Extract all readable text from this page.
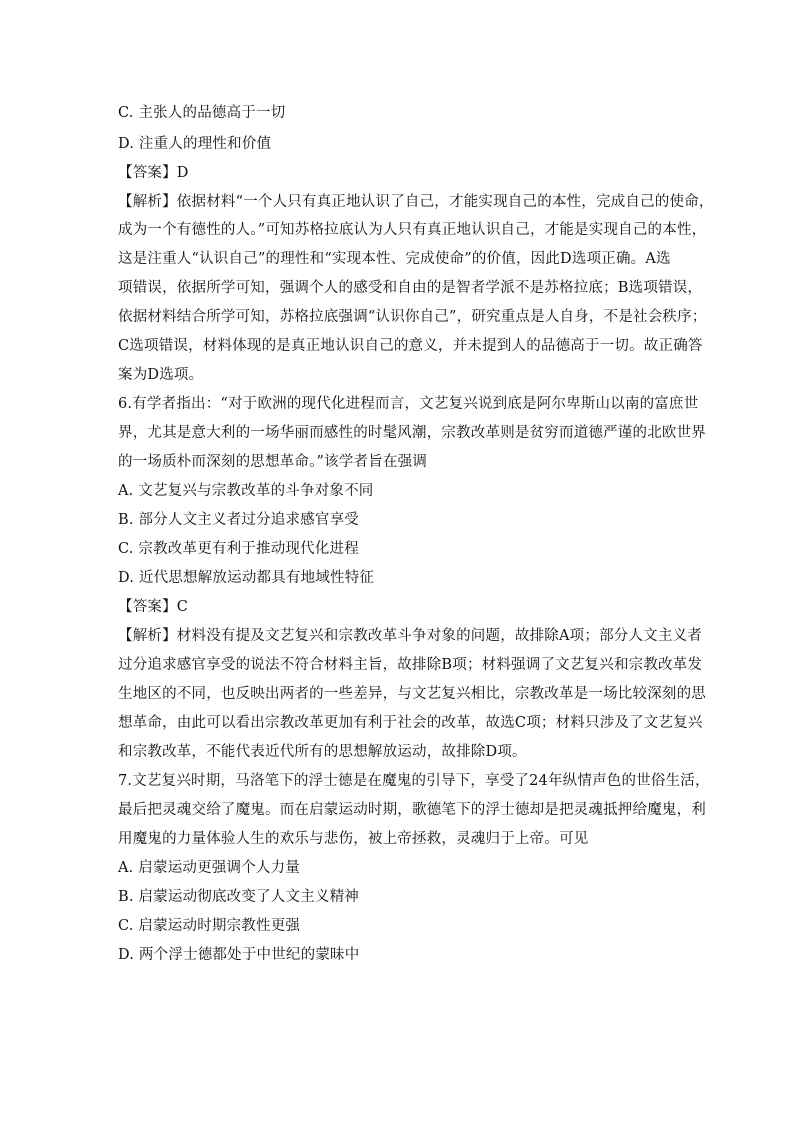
C. 主张人的品德高于一切
D. 注重人的理性和价值
【答案】D
【解析】依据材料“一个人只有真正地认识了自己，才能实现自己的本性，完成自己的使命，
成为一个有德性的人。”可知苏格拉底认为人只有真正地认识自己，才能是实现自己的本性，
这是注重人“认识自己”的理性和“实现本性、完成使命”的价值，因此D选项正确。A选
项错误，依据所学可知，强调个人的感受和自由的是智者学派不是苏格拉底；B选项错误，
依据材料结合所学可知，苏格拉底强调“认识你自己”，研究重点是人自身，不是社会秩序；
C选项错误，材料体现的是真正地认识自己的意义，并未提到人的品德高于一切。故正确答
案为D选项。
6.有学者指出：“对于欧洲的现代化进程而言，文艺复兴说到底是阿尔卑斯山以南的富庶世
界，尤其是意大利的一场华丽而感性的时髦风潮，宗教改革则是贫穷而道德严谨的北欧世界
的一场质朴而深刻的思想革命。”该学者旨在强调
A. 文艺复兴与宗教改革的斗争对象不同
B. 部分人文主义者过分追求感官享受
C. 宗教改革更有利于推动现代化进程
D. 近代思想解放运动都具有地域性特征
【答案】C
【解析】材料没有提及文艺复兴和宗教改革斗争对象的问题，故排除A项；部分人文主义者
过分追求感官享受的说法不符合材料主旨，故排除B项；材料强调了文艺复兴和宗教改革发
生地区的不同，也反映出两者的一些差异，与文艺复兴相比，宗教改革是一场比较深刻的思
想革命，由此可以看出宗教改革更加有利于社会的改革，故选C项；材料只涉及了文艺复兴
和宗教改革，不能代表近代所有的思想解放运动，故排除D项。
7.文艺复兴时期，马洛笔下的浮士德是在魔鬼的引导下，享受了24年纵情声色的世俗生活，
最后把灵魂交给了魔鬼。而在启蒙运动时期，歌德笔下的浮士德却是把灵魂抵押给魔鬼，利
用魔鬼的力量体验人生的欢乐与悲伤，被上帝拯救，灵魂归于上帝。可见
A. 启蒙运动更强调个人力量
B. 启蒙运动彻底改变了人文主义精神
C. 启蒙运动时期宗教性更强
D. 两个浮士德都处于中世纪的蒙昧中
